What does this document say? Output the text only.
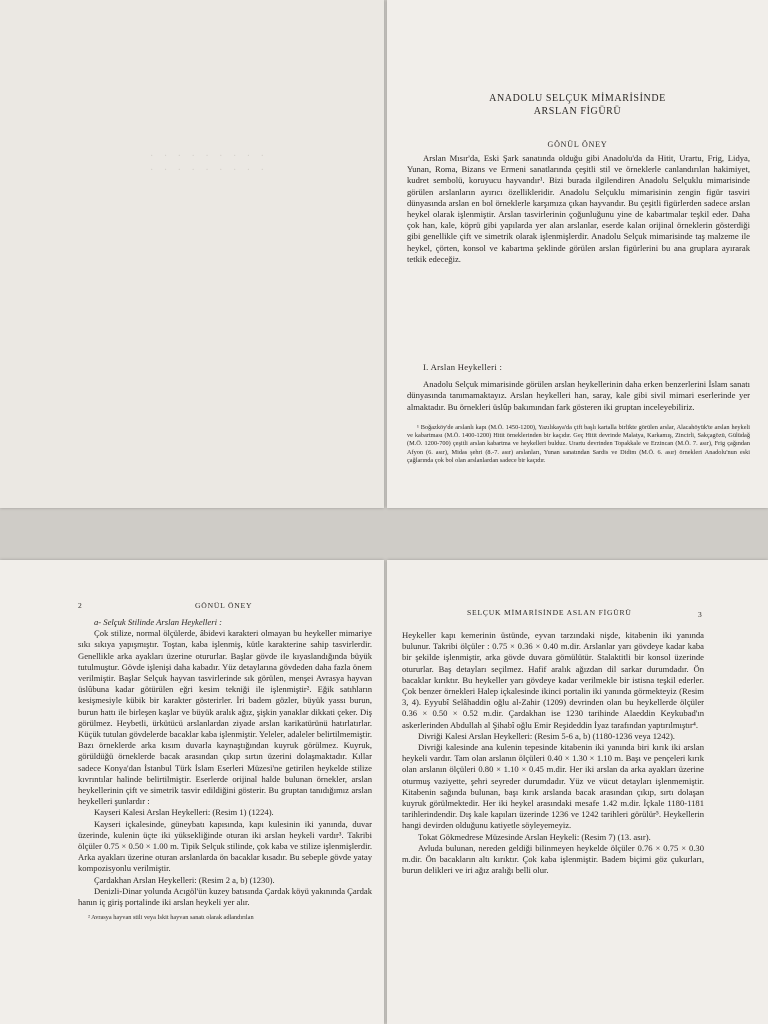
· · · · · · · · ·
· · · · · · · · ·

ANADOLU SELÇUK MİMARİSİNDE

ARSLAN FİGÜRÜ

GÖNÜL ÖNEY

Arslan Mısır'da, Eski Şark sanatında olduğu gibi Anadolu'da da Hitit, Urartu, Frig, Lidya, Yunan, Roma, Bizans ve Ermeni sanatlarında çeşitli stil ve örneklerle canlandırılan hakimiyet, kudret sembolü, koruyucu hayvandır¹. Bizi burada ilgilendiren Anadolu Selçuklu mimarisinde görülen arslanların ayırıcı özellikleridir. Anadolu Selçuklu mimarisinin zengin figür tasviri dünyasında arslan en bol örneklerle karşımıza çıkan hayvandır. Bu çeşitli figürlerden sadece arslan heykel olarak işlenmiştir. Arslan tasvirlerinin çoğunluğunu yine de kabartmalar teşkil eder. Daha çok han, kale, köprü gibi yapılarda yer alan arslanlar, eserde kalan orijinal örneklerin gösterdiği gibi genellikle çift ve simetrik olarak işlenmişlerdir. Anadolu Selçuk mimarisinde taş malzeme ile heykel, çörten, konsol ve kabartma şeklinde görülen arslan figürlerini bu ana gruplara ayırarak tetkik edeceğiz.

I. Arslan Heykelleri :

Anadolu Selçuk mimarisinde görülen arslan heykellerinin daha erken benzerlerini İslam sanatı dünyasında tanımamaktayız. Arslan heykelleri han, saray, kale gibi sivil mimari eserlerinde yer almaktadır. Bu örnekleri üslûp bakımından fark gösteren iki gruptan inceleyebiliriz.

¹ Boğazköy'de arslanlı kapı (M.Ö. 1450-1200), Yazılıkaya'da çift başlı kartalla birlikte görülen arslar, Alacahöyük'te arslan heykeli ve kabartması (M.Ö. 1400-1200) Hitit örneklerinden bir kaçıdır. Geç Hitit devrinde Malatya, Karkamış, Zincirli, Sakçagözü, Gülüdağ (M.Ö. 1200-700) çeşitli arslan kabartma ve heykelleri bulduz. Urartu devrinden Topakkale ve Erzincan (M.Ö. 7. asır), Frig çağından Afyon (6. asır), Midas şehri (8.-7. asır) arslanları, Yunan sanatından Sardis ve Didim (M.Ö. 6. asır) örnekleri Anadolu'nun eski çağlarında çok bol olan arslanlardan sadece bir kaçıdır.

2	GÖNÜL ÖNEY

a- Selçuk Stilinde Arslan Heykelleri :

Çok stilize, normal ölçülerde, âbidevi karakteri olmayan bu heykeller mimariye sıkı sıkıya yapışmıştır. Toştan, kaba işlenmiş, kütle karakterine sahip tasvirlerdir. Genellikle arka ayakları üzerine otururlar. Başlar gövde ile kıyaslandığında büyük tutulmuştur. Gövde işlenişi daha kabadır. Yüz detaylarına gövdeden daha fazla önem verilmiştir. Başlar Selçuk hayvan tasvirlerinde sık görülen, menşei Avrasya hayvan üslûbuna kadar götürülen eğri kesim tekniği ile işlenmiştir². Eğik satıhların kesişmesiyle kübik bir karakter gösterirler. İri badem gözler, büyük yassı burun, burun hattı ile birleşen kaşlar ve büyük aralık ağız, şişkin yanaklar dikkati çeker. Diş görülmez. Heybetli, ürkütücü arslanlardan ziyade arslan karikatürünü hatırlatırlar. Küçük tutulan gövdelerde bacaklar kaba işlenmiştir. Yeleler, adaleler belirtilmemiştir. Bazı örneklerde arka kısım duvarla kaynaştığından kuyruk görülmez. Kuyruk, görüldüğü örneklerde bacak arasından çıkıp sırtın üzerini dolaşmaktadır. Kıllar sadece Konya'dan İstanbul Türk İslam Eserleri Müzesi'ne getirilen heykelde stilize kıvrıntılar halinde belirtilmiştir. Eserlerde orijinal halde bulunan örnekler, arslan heykellerinin çift ve simetrik tasvir edildiğini gösterir. Bu gruptan tanıdığımız arslan heykelleri şunlardır :

Kayseri Kalesi Arslan Heykelleri: (Resim 1) (1224).

Kayseri içkalesinde, güneybatı kapısında, kapı kulesinin iki yanında, duvar üzerinde, kulenin üçte iki yüksekliğinde oturan iki arslan heykeli vardır³. Takribi ölçüler 0.75 × 0.50 × 1.00 m. Tipik Selçuk stilinde, çok kaba ve stilize işlenmişlerdir. Arka ayakları üzerine oturan arslanlarda ön bacaklar kısadır. Bu sebeple gövde yatay kompozisyonlu verilmiştir.

Çardakhan Arslan Heykelleri: (Resim 2 a, b) (1230).

Denizli-Dinar yolunda Acıgöl'ün kuzey batısında Çardak köyü yakınında Çardak hanın iç giriş portalinde iki arslan heykeli yer alır.

² Avrasya hayvan stili veya İskit hayvan sanatı olarak adlandırılan

SELÇUK MİMARİSİNDE ASLAN FİGÜRÜ	3

Heykeller kapı kemerinin üstünde, eyvan tarzındaki nişde, kitabenin iki yanında bulunur. Takribi ölçüler : 0.75 × 0.36 × 0.40 m.dir. Arslanlar yarı gövdeye kadar kaba bir şekilde işlenmiştir, arka gövde duvara gömülütür. Stalaktitli bir konsol üzerinde otururlar. Baş detayları seçilmez. Hafif aralık ağızdan dil sarkar durumdadır. Ön bacaklar kırıktır. Bu heykeller yarı gövdeye kadar verilmekle bir istisna teşkil ederler. Çok benzer örnekleri Halep içkalesinde ikinci portalin iki yanında görmekteyiz (Resim 3, 4). Eyyubî Selâhaddin oğlu al-Zahir (1209) devrinden olan bu heykellerde ölçüler 0.36 × 0.50 × 0.52 m.dir. Çardakhan ise 1230 tarihinde Alaeddin Keykubad'ın askerlerinden Abdullah al Şihabî oğlu Emir Reşideddin İyaz tarafından yaptırılmıştır⁴.

Divriği Kalesi Arslan Heykelleri: (Resim 5-6 a, b) (1180-1236 veya 1242).

Divriği kalesinde ana kulenin tepesinde kitabenin iki yanında biri kırık iki arslan heykeli vardır. Tam olan arslanın ölçüleri 0.40 × 1.30 × 1.10 m. Başı ve pençeleri kırık olan arslanın ölçüleri 0.80 × 1.10 × 0.45 m.dir. Her iki arslan da arka ayakları üzerine oturmuş vaziyette, şehri seyreder durumdadır. Yüz ve vücut detayları işlenmemiştir. Kitabenin sağında bulunan, başı kırık arslanda bacak arasından çıkıp, sırtı dolaşan kuyruk görülmektedir. Her iki heykel arasındaki mesafe 1.42 m.dir. İçkale 1180-1181 tarihlerindendir. Dış kale kapıları üzerinde 1236 ve 1242 tarihleri görülür⁵. Heykellerin hangi devirden olduğunu katiyetle söyleyemeyiz.

Tokat Gökmedrese Müzesinde Arslan Heykeli: (Resim 7) (13. asır).

Avluda bulunan, nereden geldiği bilinmeyen heykelde ölçüler 0.76 × 0.75 × 0.30 m.dir. Ön bacakların altı kırıktır. Çok kaba işlenmiştir. Badem biçimi göz çukurları, burun delikleri ve iri ağız aralığı belli olur.
